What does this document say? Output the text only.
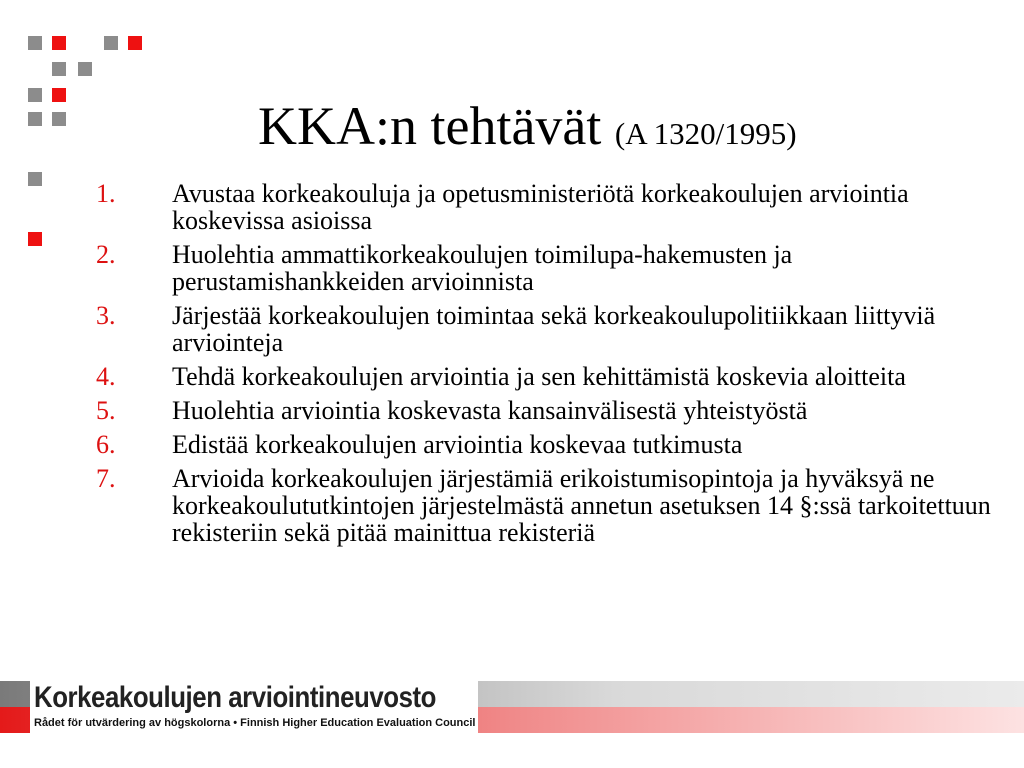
KKA:n tehtävät (A 1320/1995)
1.	Avustaa korkeakouluja ja opetusministeriötä korkeakoulujen arviointia koskevissa asioissa
2.	Huolehtia ammattikorkeakoulujen toimilupa-hakemusten ja perustamishankkeiden arvioinnista
3.	Järjestää korkeakoulujen toimintaa sekä korkeakoulupolitiikkaan liittyviä arviointeja
4.	Tehdä korkeakoulujen arviointia ja sen kehittämistä koskevia aloitteita
5.	Huolehtia arviointia koskevasta kansainvälisestä yhteistyöstä
6.	Edistää korkeakoulujen arviointia koskevaa tutkimusta
7.	Arvioida korkeakoulujen järjestämiä erikoistumisopintoja ja hyväksyä ne korkeakoulututkintojen järjestelmästä annetun asetuksen 14 §:ssä tarkoitettuun rekisteriin sekä pitää mainittua rekisteriä
Korkeakoulujen arviointineuvosto
Rådet för utvärdering av högskolorna • Finnish Higher Education Evaluation Council
